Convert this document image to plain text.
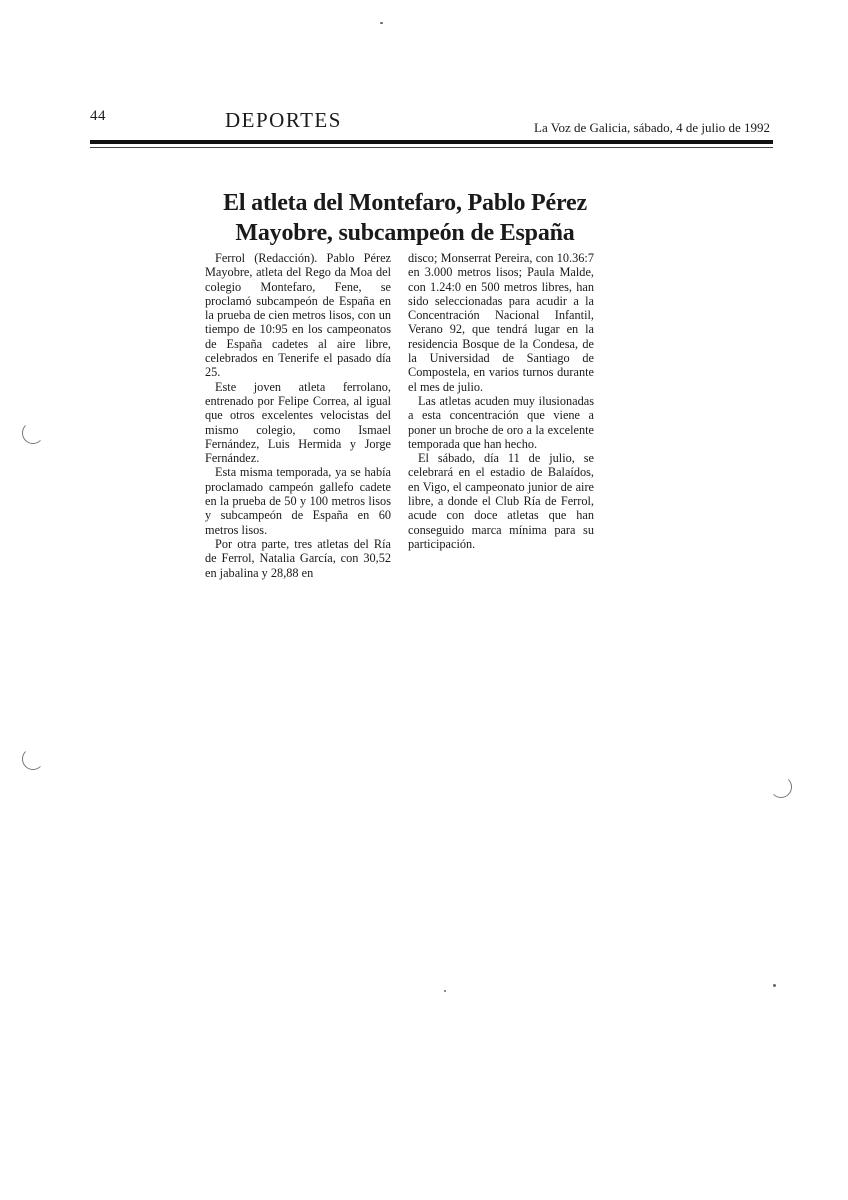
44	DEPORTES	La Voz de Galicia, sábado, 4 de julio de 1992
El atleta del Montefaro, Pablo Pérez Mayobre, subcampeón de España

Ferrol (Redacción). Pablo Pérez Mayobre, atleta del Rego da Moa del colegio Montefaro, Fene, se proclamó subcampeón de España en la prueba de cien metros lisos, con un tiempo de 10:95 en los campeonatos de España cadetes al aire libre, celebrados en Tenerife el pasado día 25.

Este joven atleta ferrolano, entrenado por Felipe Correa, al igual que otros excelentes velocistas del mismo colegio, como Ismael Fernández, Luis Hermida y Jorge Fernández.

Esta misma temporada, ya se había proclamado campeón gallefo cadete en la prueba de 50 y 100 metros lisos y subcampeón de España en 60 metros lisos.

Por otra parte, tres atletas del Ría de Ferrol, Natalia García, con 30,52 en jabalina y 28,88 en

disco; Monserrat Pereira, con 10.36:7 en 3.000 metros lisos; Paula Malde, con 1.24:0 en 500 metros libres, han sido seleccionadas para acudir a la Concentración Nacional Infantil, Verano 92, que tendrá lugar en la residencia Bosque de la Condesa, de la Universidad de Santiago de Compostela, en varios turnos durante el mes de julio.

Las atletas acuden muy ilusionadas a esta concentración que viene a poner un broche de oro a la excelente temporada que han hecho.

El sábado, día 11 de julio, se celebrará en el estadio de Balaídos, en Vigo, el campeonato junior de aire libre, a donde el Club Ría de Ferrol, acude con doce atletas que han conseguido marca mínima para su participación.
